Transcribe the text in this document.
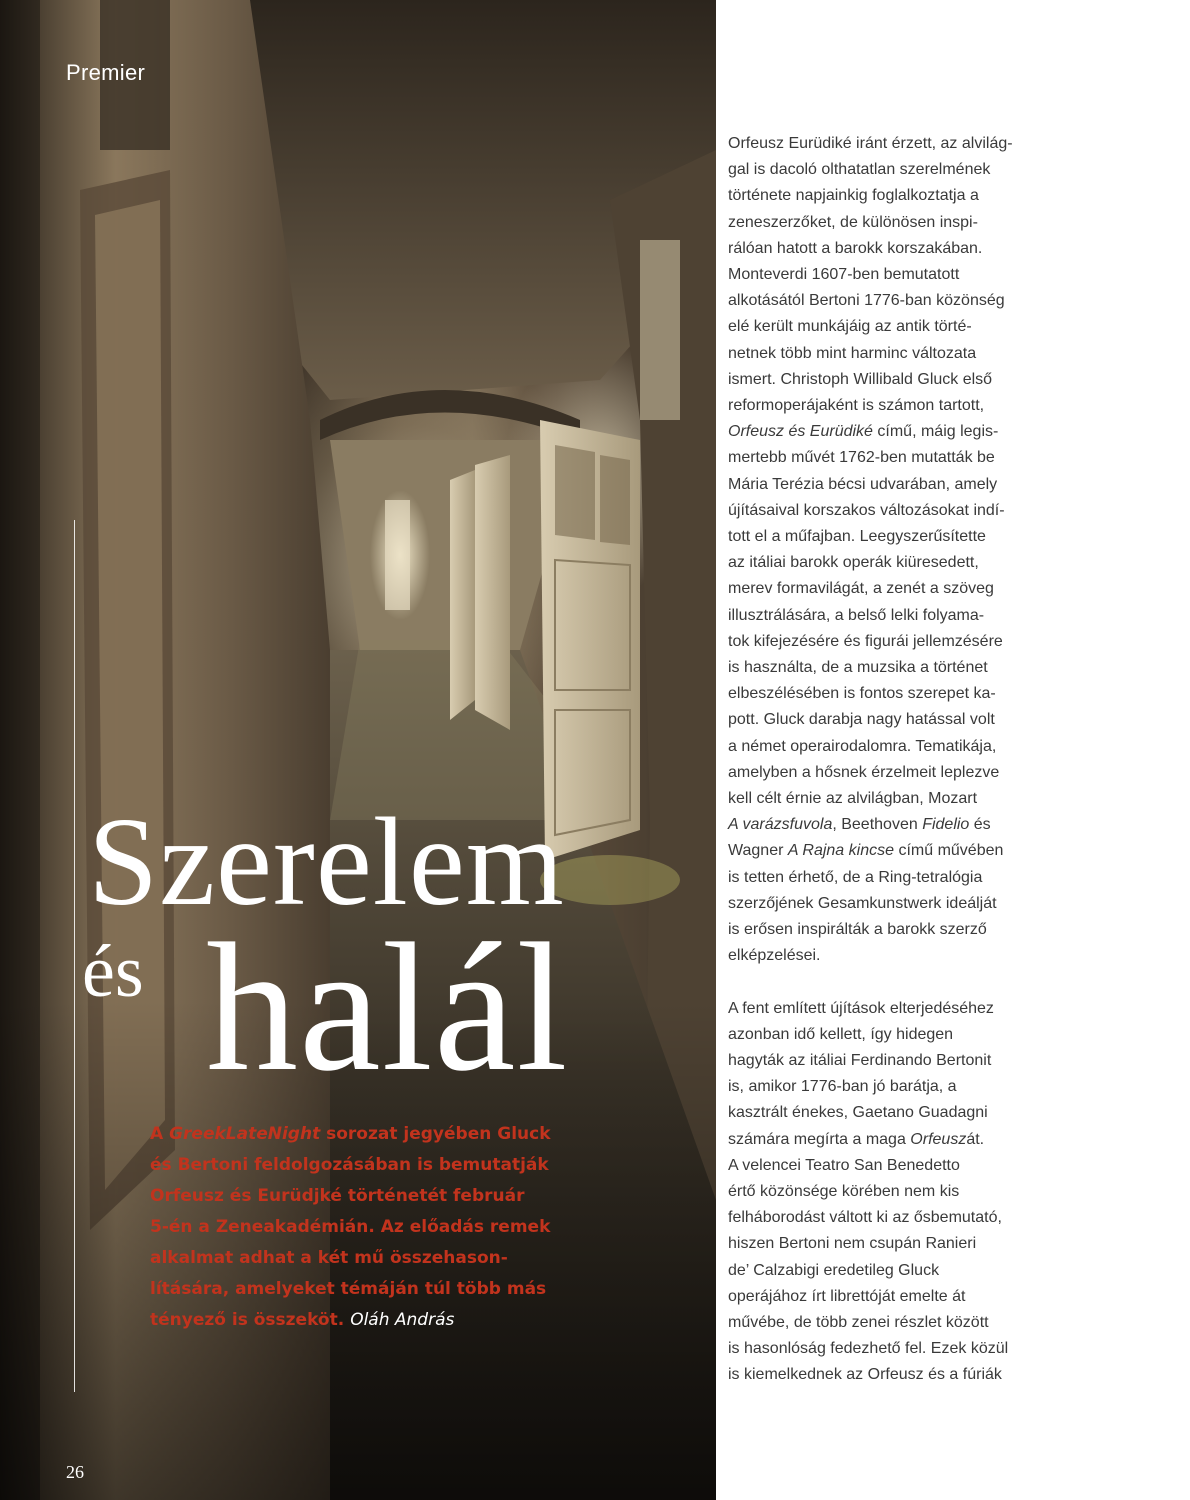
Premier

Szerelem
és halál

A GreekLateNight sorozat jegyében Gluck
és Bertoni feldolgozásában is bemutatják
Orfeusz és Eurüdjké történetét február
5-én a Zeneakadémián. Az előadás remek
alkalmat adhat a két mű összehason-
lítására, amelyeket témáján túl több más
tényező is összeköt. Oláh András

26

Orfeusz Eurüdiké iránt érzett, az alvilág-
gal is dacoló olthatatlan szerelmének
története napjainkig foglalkoztatja a
zeneszerzőket, de különösen inspi-
rálóan hatott a barokk korszakában.
Monteverdi 1607-ben bemutatott
alkotásától Bertoni 1776-ban közönség
elé került munkájáig az antik törté-
netnek több mint harminc változata
ismert. Christoph Willibald Gluck első
reformoperájaként is számon tartott,
Orfeusz és Eurüdiké című, máig legis-
mertebb művét 1762-ben mutatták be
Mária Terézia bécsi udvarában, amely
újításaival korszakos változásokat indí-
tott el a műfajban. Leegyszerűsítette
az itáliai barokk operák kiüresedett,
merev formavilágát, a zenét a szöveg
illusztrálására, a belső lelki folyama-
tok kifejezésére és figurái jellemzésére
is használta, de a muzsika a történet
elbeszélésében is fontos szerepet ka-
pott. Gluck darabja nagy hatással volt
a német operairodalomra. Tematikája,
amelyben a hősnek érzelmeit leplezve
kell célt érnie az alvilágban, Mozart
A varázsfuvola, Beethoven Fidelio és
Wagner A Rajna kincse című művében
is tetten érhető, de a Ring-tetralógia
szerzőjének Gesamkunstwerk ideálját
is erősen inspirálták a barokk szerző
elképzelései.

A fent említett újítások elterjedéséhez
azonban idő kellett, így hidegen
hagyták az itáliai Ferdinando Bertonit
is, amikor 1776-ban jó barátja, a
kasztrált énekes, Gaetano Guadagni
számára megírta a maga Orfeuszát.
A velencei Teatro San Benedetto
értő közönsége körében nem kis
felháborodást váltott ki az ősbemutató,
hiszen Bertoni nem csupán Ranieri
de’ Calzabigi eredetileg Gluck
operájához írt librettóját emelte át
művébe, de több zenei részlet között
is hasonlóság fedezhető fel. Ezek közül
is kiemelkednek az Orfeusz és a fúriák
